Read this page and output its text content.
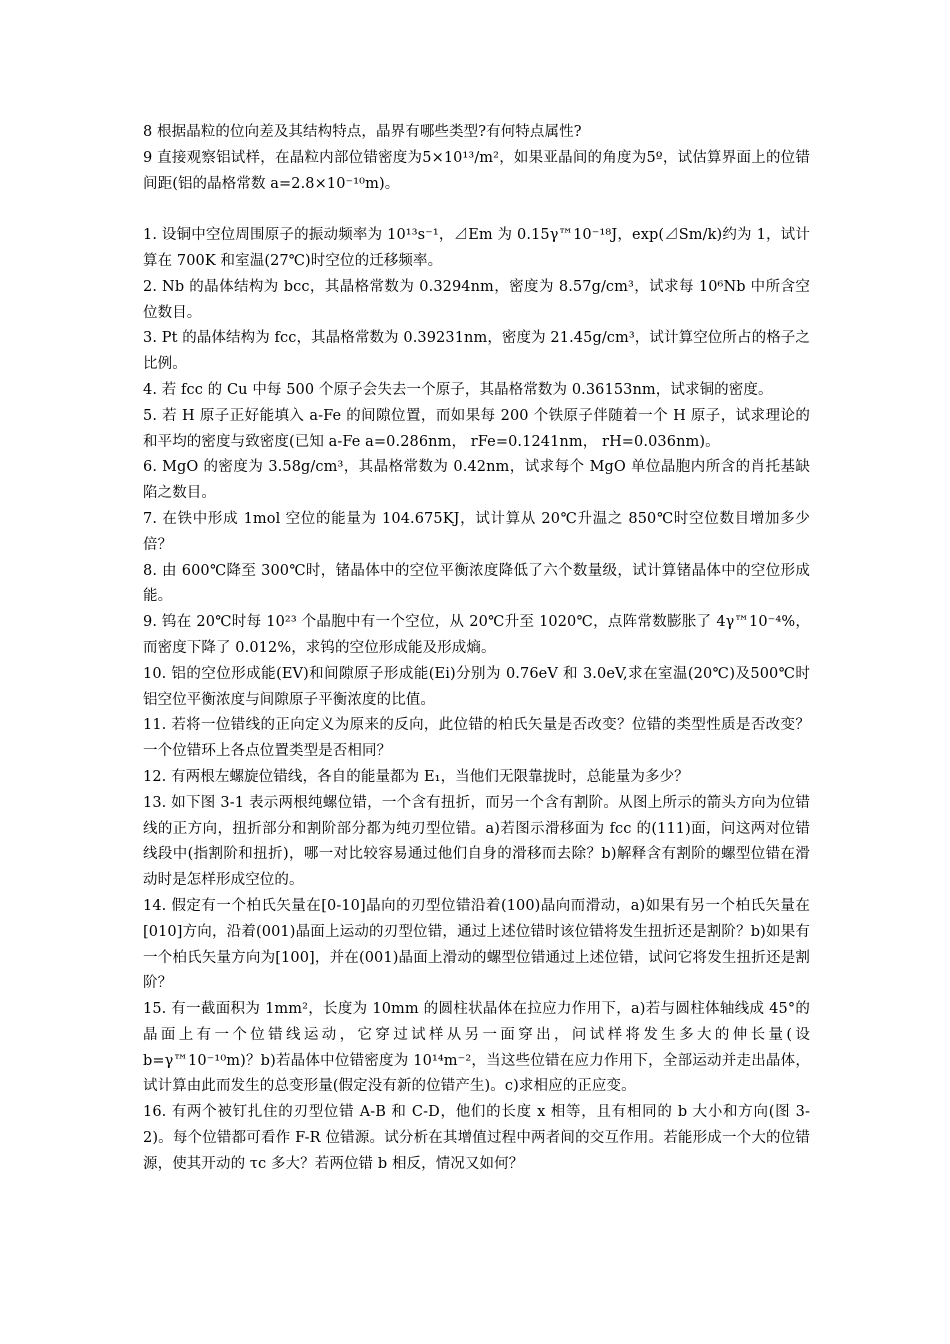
8 根据晶粒的位向差及其结构特点，晶界有哪些类型?有何特点属性?

9 直接观察铝试样，在晶粒内部位错密度为5×10¹³/m²，如果亚晶间的角度为5º，试估算界面上的位错间距(铝的晶格常数 a=2.8×10⁻¹⁰m)。

1. 设铜中空位周围原子的振动频率为 10¹³s⁻¹，⊿Em 为 0.15γ™10⁻¹⁸J，exp(⊿Sm/k)约为 1，试计算在 700K 和室温(27℃)时空位的迁移频率。

2. Nb 的晶体结构为 bcc，其晶格常数为 0.3294nm，密度为 8.57g/cm³，试求每 10⁶Nb 中所含空位数目。

3. Pt 的晶体结构为 fcc，其晶格常数为 0.39231nm，密度为 21.45g/cm³，试计算空位所占的格子之比例。

4. 若 fcc 的 Cu 中每 500 个原子会失去一个原子，其晶格常数为 0.36153nm，试求铜的密度。

5. 若 H 原子正好能填入 a-Fe 的间隙位置，而如果每 200 个铁原子伴随着一个 H 原子，试求理论的和平均的密度与致密度(已知 a-Fe a=0.286nm， rFe=0.1241nm， rH=0.036nm)。

6. MgO 的密度为 3.58g/cm³，其晶格常数为 0.42nm，试求每个 MgO 单位晶胞内所含的肖托基缺陷之数目。

7. 在铁中形成 1mol 空位的能量为 104.675KJ，试计算从 20℃升温之 850℃时空位数目增加多少倍？

8. 由 600℃降至 300℃时，锗晶体中的空位平衡浓度降低了六个数量级，试计算锗晶体中的空位形成能。

9. 钨在 20℃时每 10²³ 个晶胞中有一个空位，从 20℃升至 1020℃，点阵常数膨胀了 4γ™10⁻⁴%，而密度下降了 0.012%，求钨的空位形成能及形成熵。

10. 铝的空位形成能(EV)和间隙原子形成能(Ei)分别为 0.76eV 和 3.0eV,求在室温(20℃)及500℃时铝空位平衡浓度与间隙原子平衡浓度的比值。

11. 若将一位错线的正向定义为原来的反向，此位错的柏氏矢量是否改变？位错的类型性质是否改变？一个位错环上各点位置类型是否相同？

12. 有两根左螺旋位错线，各自的能量都为 E₁，当他们无限靠拢时，总能量为多少？

13. 如下图 3-1 表示两根纯螺位错，一个含有扭折，而另一个含有割阶。从图上所示的箭头方向为位错线的正方向，扭折部分和割阶部分都为纯刃型位错。a)若图示滑移面为 fcc 的(111)面，问这两对位错线段中(指割阶和扭折)，哪一对比较容易通过他们自身的滑移而去除？b)解释含有割阶的螺型位错在滑动时是怎样形成空位的。

14. 假定有一个柏氏矢量在[0-10]晶向的刃型位错沿着(100)晶向而滑动，a)如果有另一个柏氏矢量在[010]方向，沿着(001)晶面上运动的刃型位错，通过上述位错时该位错将发生扭折还是割阶？b)如果有一个柏氏矢量方向为[100]，并在(001)晶面上滑动的螺型位错通过上述位错，试问它将发生扭折还是割阶？

15. 有一截面积为 1mm²，长度为 10mm 的圆柱状晶体在拉应力作用下，a)若与圆柱体轴线成 45°的晶面上有一个位错线运动，它穿过试样从另一面穿出，问试样将发生多大的伸长量(设 b=γ™10⁻¹⁰m)？b)若晶体中位错密度为 10¹⁴m⁻²，当这些位错在应力作用下，全部运动并走出晶体，试计算由此而发生的总变形量(假定没有新的位错产生)。c)求相应的正应变。

16. 有两个被钉扎住的刃型位错 A-B 和 C-D，他们的长度 x 相等，且有相同的 b 大小和方向(图 3-2)。每个位错都可看作 F-R 位错源。试分析在其增值过程中两者间的交互作用。若能形成一个大的位错源，使其开动的 τc 多大？若两位错 b 相反，情况又如何？
